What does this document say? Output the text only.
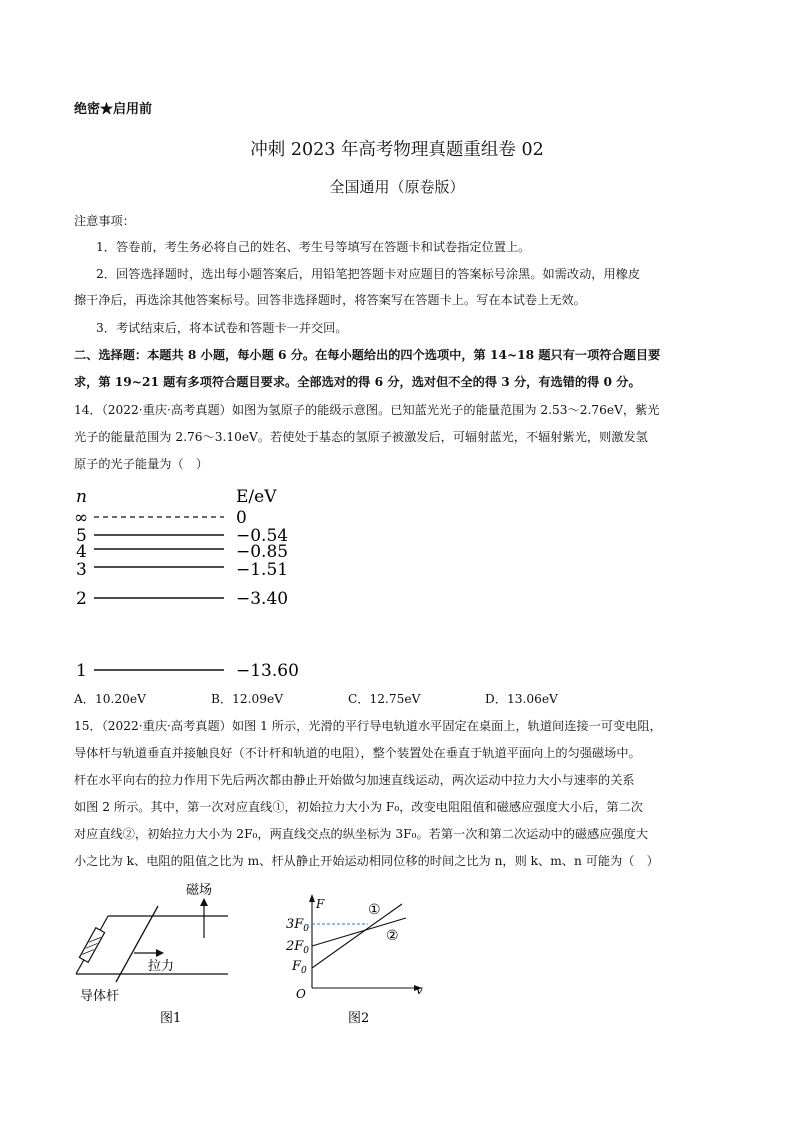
绝密★启用前
冲刺 2023 年高考物理真题重组卷 02
全国通用（原卷版）
注意事项：
1．答卷前，考生务必将自己的姓名、考生号等填写在答题卡和试卷指定位置上。
2．回答选择题时，选出每小题答案后，用铅笔把答题卡对应题目的答案标号涂黑。如需改动，用橡皮
擦干净后，再选涂其他答案标号。回答非选择题时，将答案写在答题卡上。写在本试卷上无效。
3．考试结束后，将本试卷和答题卡一并交回。
二、选择题：本题共 8 小题，每小题 6 分。在每小题给出的四个选项中，第 14~18 题只有一项符合题目要
求，第 19~21 题有多项符合题目要求。全部选对的得 6 分，选对但不全的得 3 分，有选错的得 0 分。
14．（2022·重庆·高考真题）如图为氢原子的能级示意图。已知蓝光光子的能量范围为 2.53～2.76eV，紫光
光子的能量范围为 2.76～3.10eV。若使处于基态的氢原子被激发后，可辐射蓝光，不辐射紫光，则激发氢
原子的光子能量为（　）
n	E/eV
∞	0
5	−0.54
4	−0.85
3	−1.51
2	−3.40
1	−13.60
A．10.20eV	B．12.09eV	C．12.75eV	D．13.06eV
15．（2022·重庆·高考真题）如图 1 所示，光滑的平行导电轨道水平固定在桌面上，轨道间连接一可变电阻，
导体杆与轨道垂直并接触良好（不计杆和轨道的电阻），整个装置处在垂直于轨道平面向上的匀强磁场中。
杆在水平向右的拉力作用下先后两次都由静止开始做匀加速直线运动，两次运动中拉力大小与速率的关系
如图 2 所示。其中，第一次对应直线①，初始拉力大小为 F₀，改变电阻阻值和磁感应强度大小后，第二次
对应直线②，初始拉力大小为 2F₀，两直线交点的纵坐标为 3F₀。若第一次和第二次运动中的磁感应强度大
小之比为 k、电阻的阻值之比为 m、杆从静止开始运动相同位移的时间之比为 n，则 k、m、n 可能为（　）
磁场
拉力
导体杆
图1
F
v
O
$3F_0$
$2F_0$
$F_0$
①
②
图2
